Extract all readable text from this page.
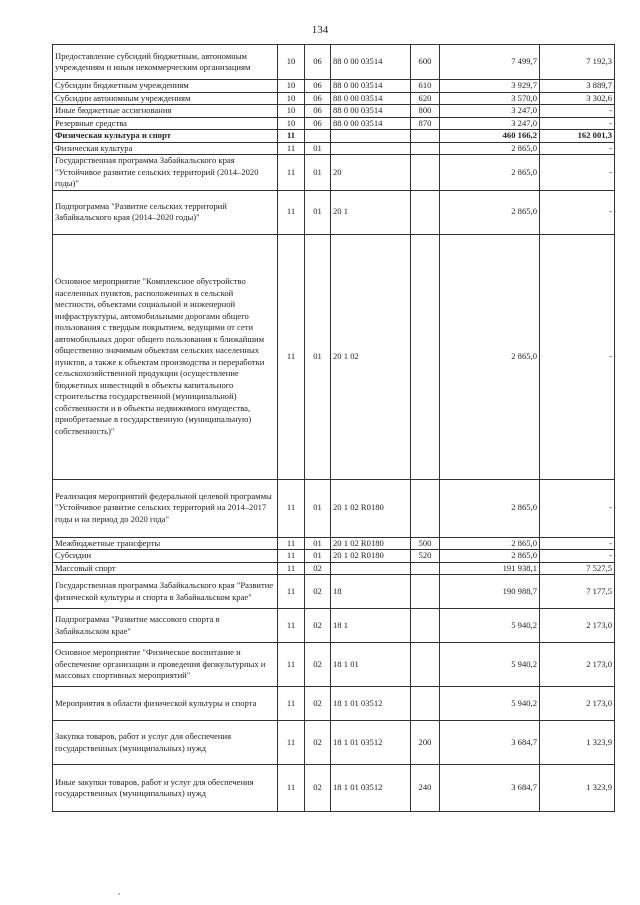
134
Предоставление субсидий бюджетным, автономным учреждениям и иным некоммерческим организациям	10	06	88 0 00 03514	600	7 499,7	7 192,3
Субсидии бюджетным учреждениям	10	06	88 0 00 03514	610	3 929,7	3 889,7
Субсидии автономным учреждениям	10	06	88 0 00 03514	620	3 570,0	3 302,6
Иные бюджетные ассигнования	10	06	88 0 00 03514	800	3 247,0	-
Резервные средства	10	06	88 0 00 03514	870	3 247,0	-
Физическая культура и спорт	11				460 166,2	162 001,3
Физическая культура	11	01			2 865,0	-
Государственная программа Забайкальского края "Устойчивое развитие сельских территорий (2014–2020 годы)"	11	01	20		2 865,0	-
Подпрограмма "Развитие сельских территорий Забайкальского края (2014–2020 годы)"	11	01	20 1		2 865,0	-
Основное мероприятие "Комплексное обустройство населенных пунктов, расположенных в сельской местности, объектами социальной и инженерной инфраструктуры, автомобильными дорогами общего пользования с твердым покрытием, ведущими от сети автомобильных дорог общего пользования к ближайшим общественно значимым объектам сельских населенных пунктов, а также к объектам производства и переработки сельскохозяйственной продукции (осуществление бюджетных инвестиций в объекты капитального строительства государственной (муниципальной) собственности и в объекты недвижимого имущества, приобретаемые в государственную (муниципальную) собственность)"	11	01	20 1 02		2 865,0	-
Реализация мероприятий федеральной целевой программы "Устойчивое развитие сельских территорий на 2014–2017 годы и на период до 2020 года"	11	01	20 1 02 R0180		2 865,0	-
Межбюджетные трансферты	11	01	20 1 02 R0180	500	2 865,0	-
Субсидии	11	01	20 1 02 R0180	520	2 865,0	-
Массовый спорт	11	02			191 938,1	7 527,5
Государственная программа Забайкальского края "Развитие физической культуры и спорта в Забайкальском крае"	11	02	18		190 988,7	7 177,5
Подпрограмма "Развитие массового спорта в Забайкальском крае"	11	02	18 1		5 940,2	2 173,0
Основное мероприятие "Физическое воспитание и обеспечение организации и проведения физкультурных и массовых спортивных мероприятий"	11	02	18 1 01		5 940,2	2 173,0
Мероприятия в области физической культуры и спорта	11	02	18 1 01 03512		5 940,2	2 173,0
Закупка товаров, работ и услуг для обеспечения государственных (муниципальных) нужд	11	02	18 1 01 03512	200	3 684,7	1 323,9
Иные закупки товаров, работ и услуг для обеспечения государственных (муниципальных) нужд	11	02	18 1 01 03512	240	3 684,7	1 323,9
